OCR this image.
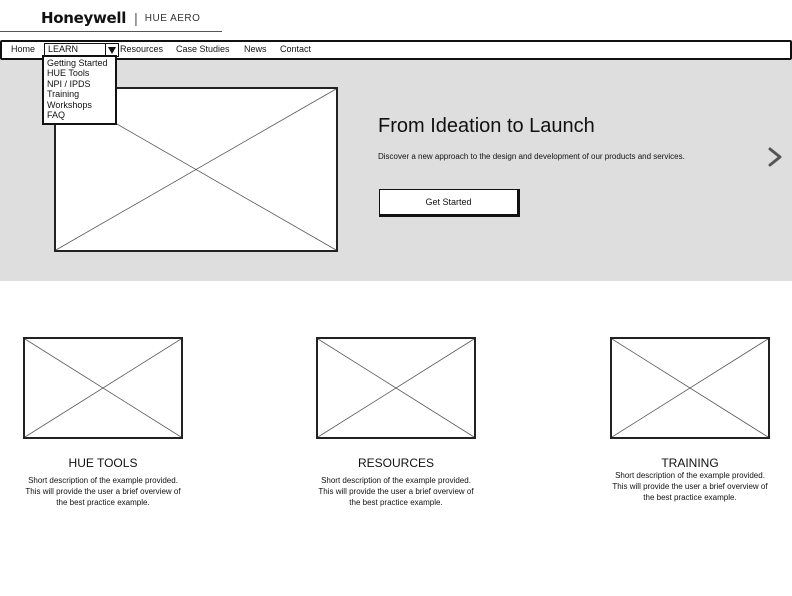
Honeywell | HUE AERO
From Ideation to Launch

Discover a new approach to the design and development of our products and services.

Get Started
Home LEARN	Resources Case Studies News Contact
Getting Started
HUE Tools
NPI / IPDS
Training
Workshops
FAQ
HUE TOOLS
Short description of the example provided. This will provide the user a brief overview of the best practice example.
RESOURCES
Short description of the example provided. This will provide the user a brief overview of the best practice example.
TRAINING
Short description of the example provided. This will provide the user a brief overview of the best practice example.
